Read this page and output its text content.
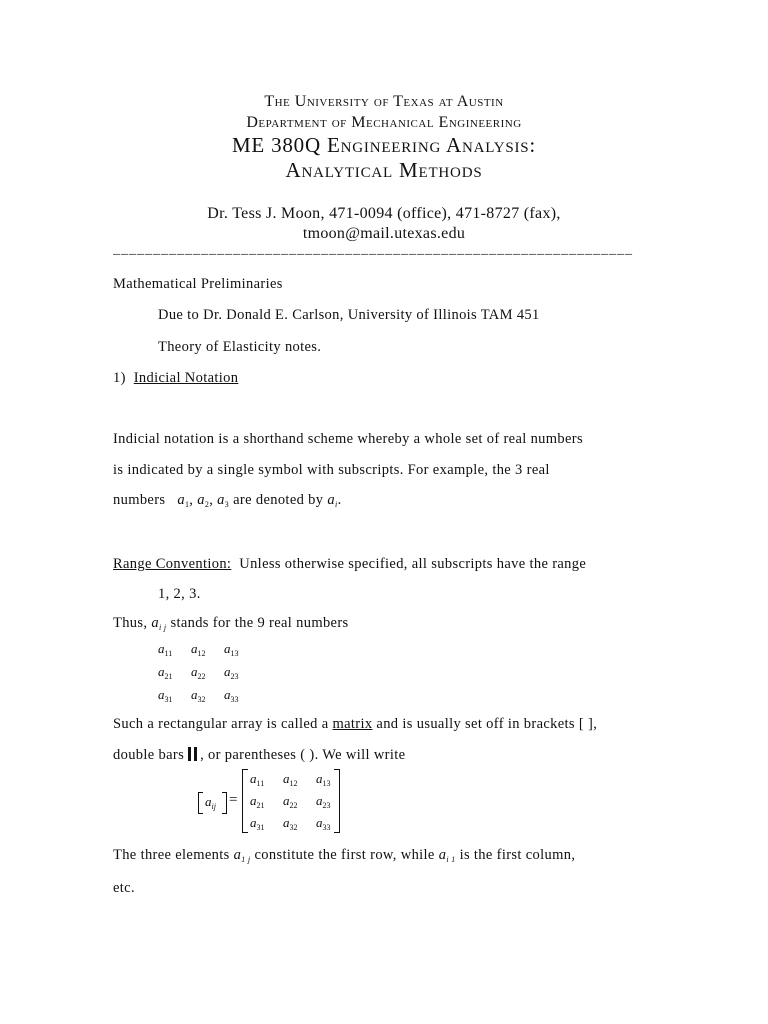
The University of Texas at Austin
Department of Mechanical Engineering
ME 380Q Engineering Analysis:
Analytical Methods
Dr. Tess J. Moon, 471-0094 (office), 471-8727 (fax),
tmoon@mail.utexas.edu
_________________________________________________________________
Mathematical Preliminaries
Due to Dr. Donald E. Carlson, University of Illinois TAM 451
Theory of Elasticity notes.
1) Indicial Notation
Indicial notation is a shorthand scheme whereby a whole set of real numbers
is indicated by a single symbol with subscripts. For example, the 3 real
numbers $a_1$, $a_2$, $a_3$ are denoted by $a_i$.
Range Convention: Unless otherwise specified, all subscripts have the range
1, 2, 3.
Thus, $a_{i j}$ stands for the 9 real numbers
$a_{11}$ $a_{12}$ $a_{13}$
$a_{21}$ $a_{22}$ $a_{23}$
$a_{31}$ $a_{32}$ $a_{33}$
Such a rectangular array is called a matrix and is usually set off in brackets [ ],
double bars , or parentheses ( ). We will write
$a_{ij}$ =
$a_{11}$ $a_{12}$ $a_{13}$
$a_{21}$ $a_{22}$ $a_{23}$
$a_{31}$ $a_{32}$ $a_{33}$
The three elements $a_{1 j}$ constitute the first row, while $a_{i 1}$ is the first column,
etc.
